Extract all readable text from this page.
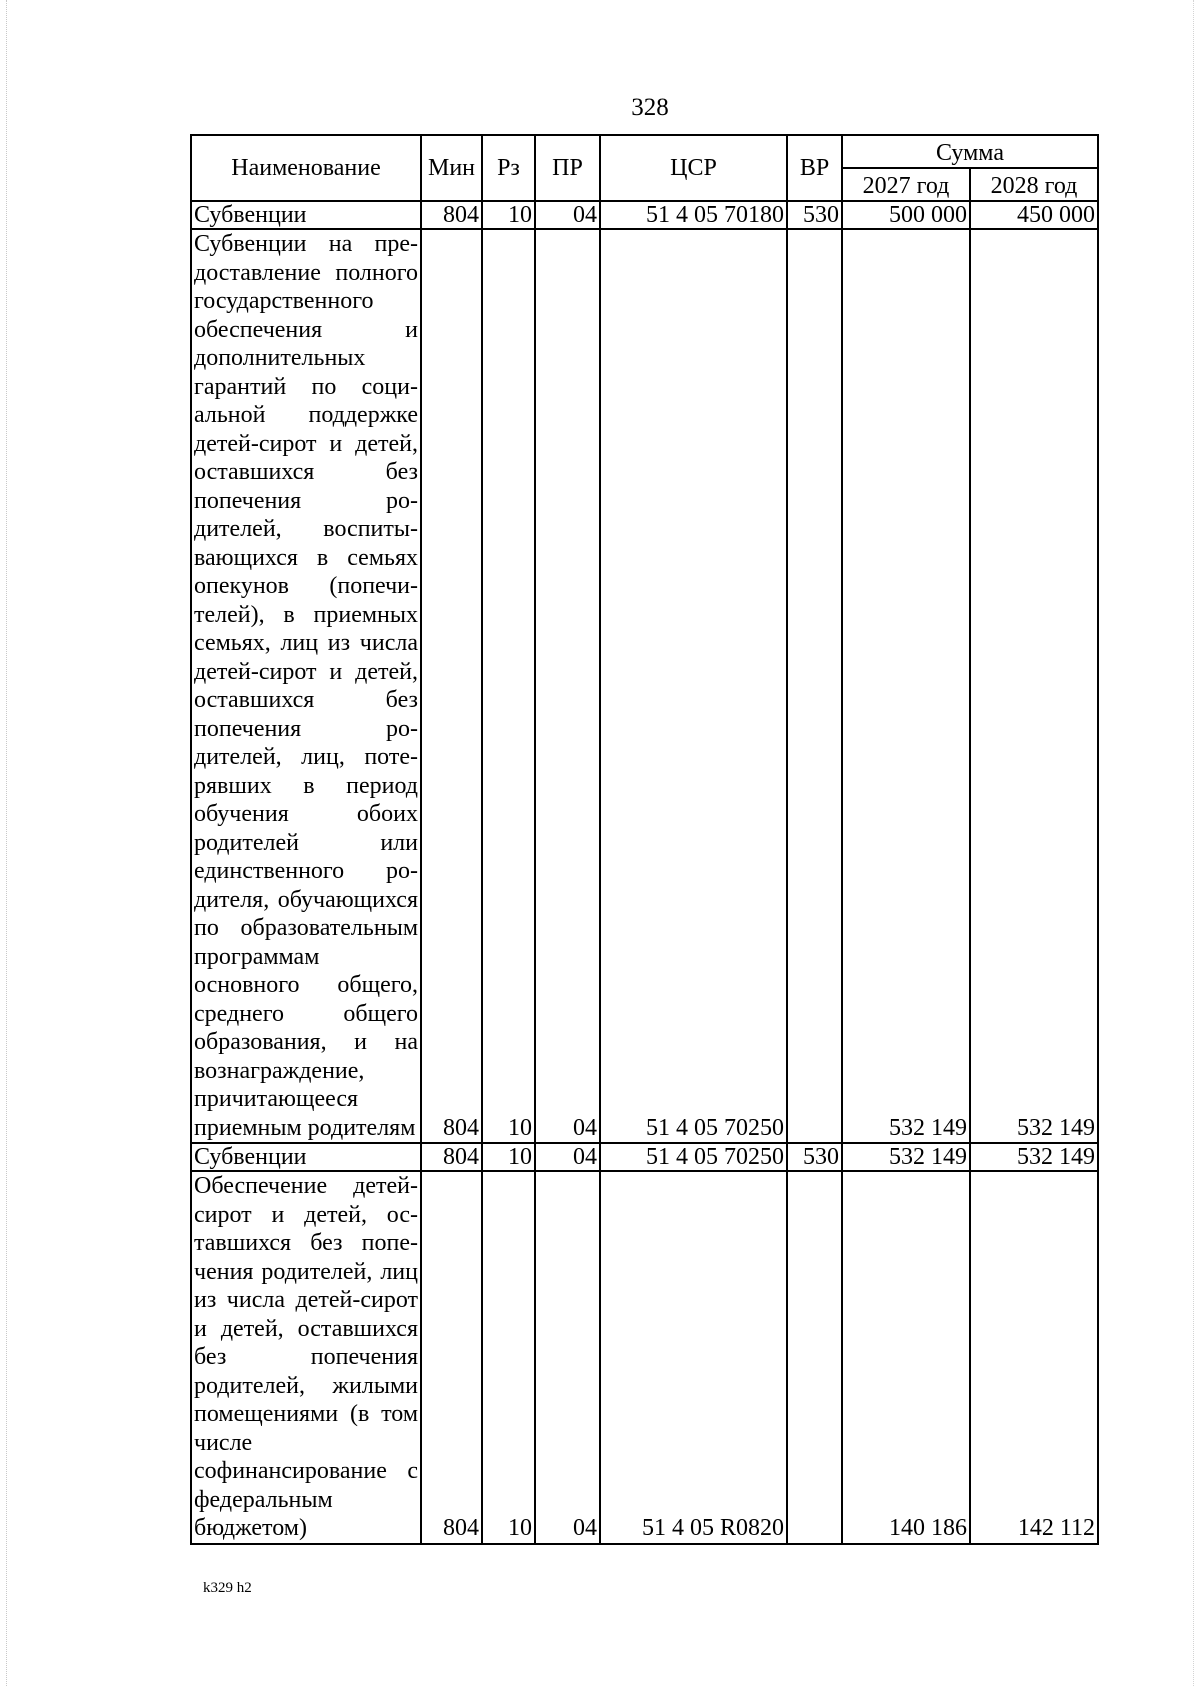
328
Наименование	Мин	Рз	ПР	ЦСР	ВР	Сумма	
						2027 год	2028 год
Субвенции	804	10	04	51 4 05 70180	530	500 000	450 000
Субвенции на предоставление полного государственного обеспечения и дополнительных гарантий по социальной поддержке детей-сирот и детей, оставшихся без попечения родителей, воспитывающихся в семьях опекунов (попечителей), в приемных семьях, лиц из числа детей-сирот и детей, оставшихся без попечения родителей, лиц, потерявших в период обучения обоих родителей или единственного родителя, обучающихся по образовательным программам основного общего, среднего общего образования, и на вознаграждение, причитающееся приемным родителям	804	10	04	51 4 05 70250		532 149	532 149
Субвенции	804	10	04	51 4 05 70250	530	532 149	532 149
Обеспечение детей-сирот и детей, оставшихся без попечения родителей, лиц из числа детей-сирот и детей, оставшихся без попечения родителей, жилыми помещениями (в том числе софинансирование с федеральным бюджетом)	804	10	04	51 4 05 R0820		140 186	142 112
k329 h2
